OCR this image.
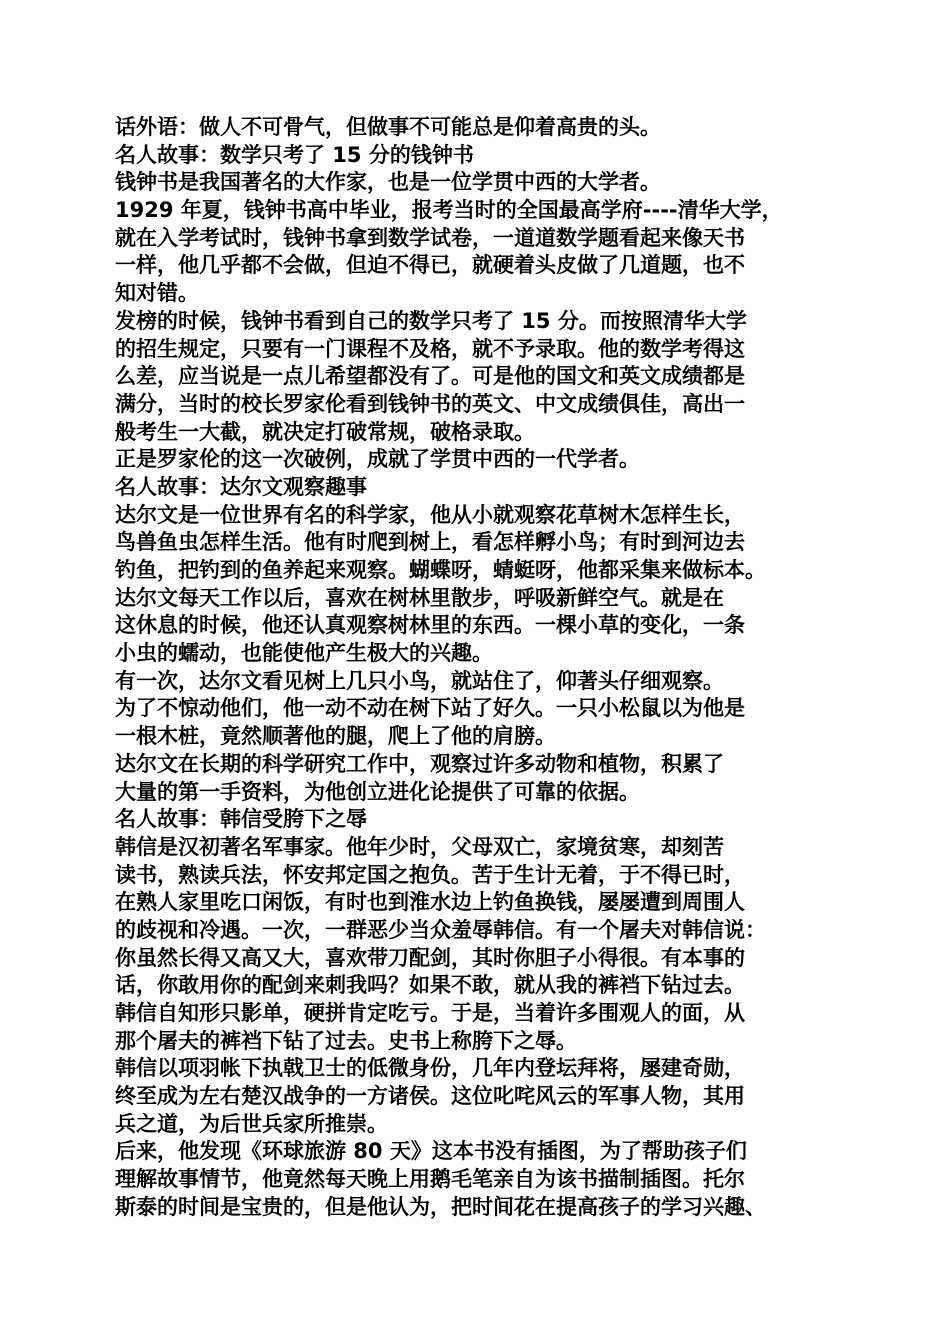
话外语：做人不可骨气，但做事不可能总是仰着高贵的头。
名人故事：数学只考了 15 分的钱钟书
钱钟书是我国著名的大作家，也是一位学贯中西的大学者。
1929 年夏，钱钟书高中毕业，报考当时的全国最高学府----清华大学，
就在入学考试时，钱钟书拿到数学试卷，一道道数学题看起来像天书
一样，他几乎都不会做，但迫不得已，就硬着头皮做了几道题，也不
知对错。
发榜的时候，钱钟书看到自己的数学只考了 15 分。而按照清华大学
的招生规定，只要有一门课程不及格，就不予录取。他的数学考得这
么差，应当说是一点儿希望都没有了。可是他的国文和英文成绩都是
满分，当时的校长罗家伦看到钱钟书的英文、中文成绩俱佳，高出一
般考生一大截，就决定打破常规，破格录取。
正是罗家伦的这一次破例，成就了学贯中西的一代学者。
名人故事：达尔文观察趣事
达尔文是一位世界有名的科学家，他从小就观察花草树木怎样生长，
鸟兽鱼虫怎样生活。他有时爬到树上，看怎样孵小鸟；有时到河边去
钓鱼，把钓到的鱼养起来观察。蝴蝶呀，蜻蜓呀，他都采集来做标本。
达尔文每天工作以后，喜欢在树林里散步，呼吸新鲜空气。就是在
这休息的时候，他还认真观察树林里的东西。一棵小草的变化，一条
小虫的蠕动，也能使他产生极大的兴趣。
有一次，达尔文看见树上几只小鸟，就站住了，仰著头仔细观察。
为了不惊动他们，他一动不动在树下站了好久。一只小松鼠以为他是
一根木桩，竟然顺著他的腿，爬上了他的肩膀。
达尔文在长期的科学研究工作中，观察过许多动物和植物，积累了
大量的第一手资料，为他创立进化论提供了可靠的依据。
名人故事：韩信受胯下之辱
韩信是汉初著名军事家。他年少时，父母双亡，家境贫寒，却刻苦
读书，熟读兵法，怀安邦定国之抱负。苦于生计无着，于不得已时，
在熟人家里吃口闲饭，有时也到淮水边上钓鱼换钱，屡屡遭到周围人
的歧视和冷遇。一次，一群恶少当众羞辱韩信。有一个屠夫对韩信说：
你虽然长得又高又大，喜欢带刀配剑，其时你胆子小得很。有本事的
话，你敢用你的配剑来刺我吗？如果不敢，就从我的裤裆下钻过去。
韩信自知形只影单，硬拼肯定吃亏。于是，当着许多围观人的面，从
那个屠夫的裤裆下钻了过去。史书上称胯下之辱。
韩信以项羽帐下执戟卫士的低微身份，几年内登坛拜将，屡建奇勋，
终至成为左右楚汉战争的一方诸侯。这位叱咤风云的军事人物，其用
兵之道，为后世兵家所推崇。
后来，他发现《环球旅游 80 天》这本书没有插图，为了帮助孩子们
理解故事情节，他竟然每天晚上用鹅毛笔亲自为该书描制插图。托尔
斯泰的时间是宝贵的，但是他认为，把时间花在提高孩子的学习兴趣、
